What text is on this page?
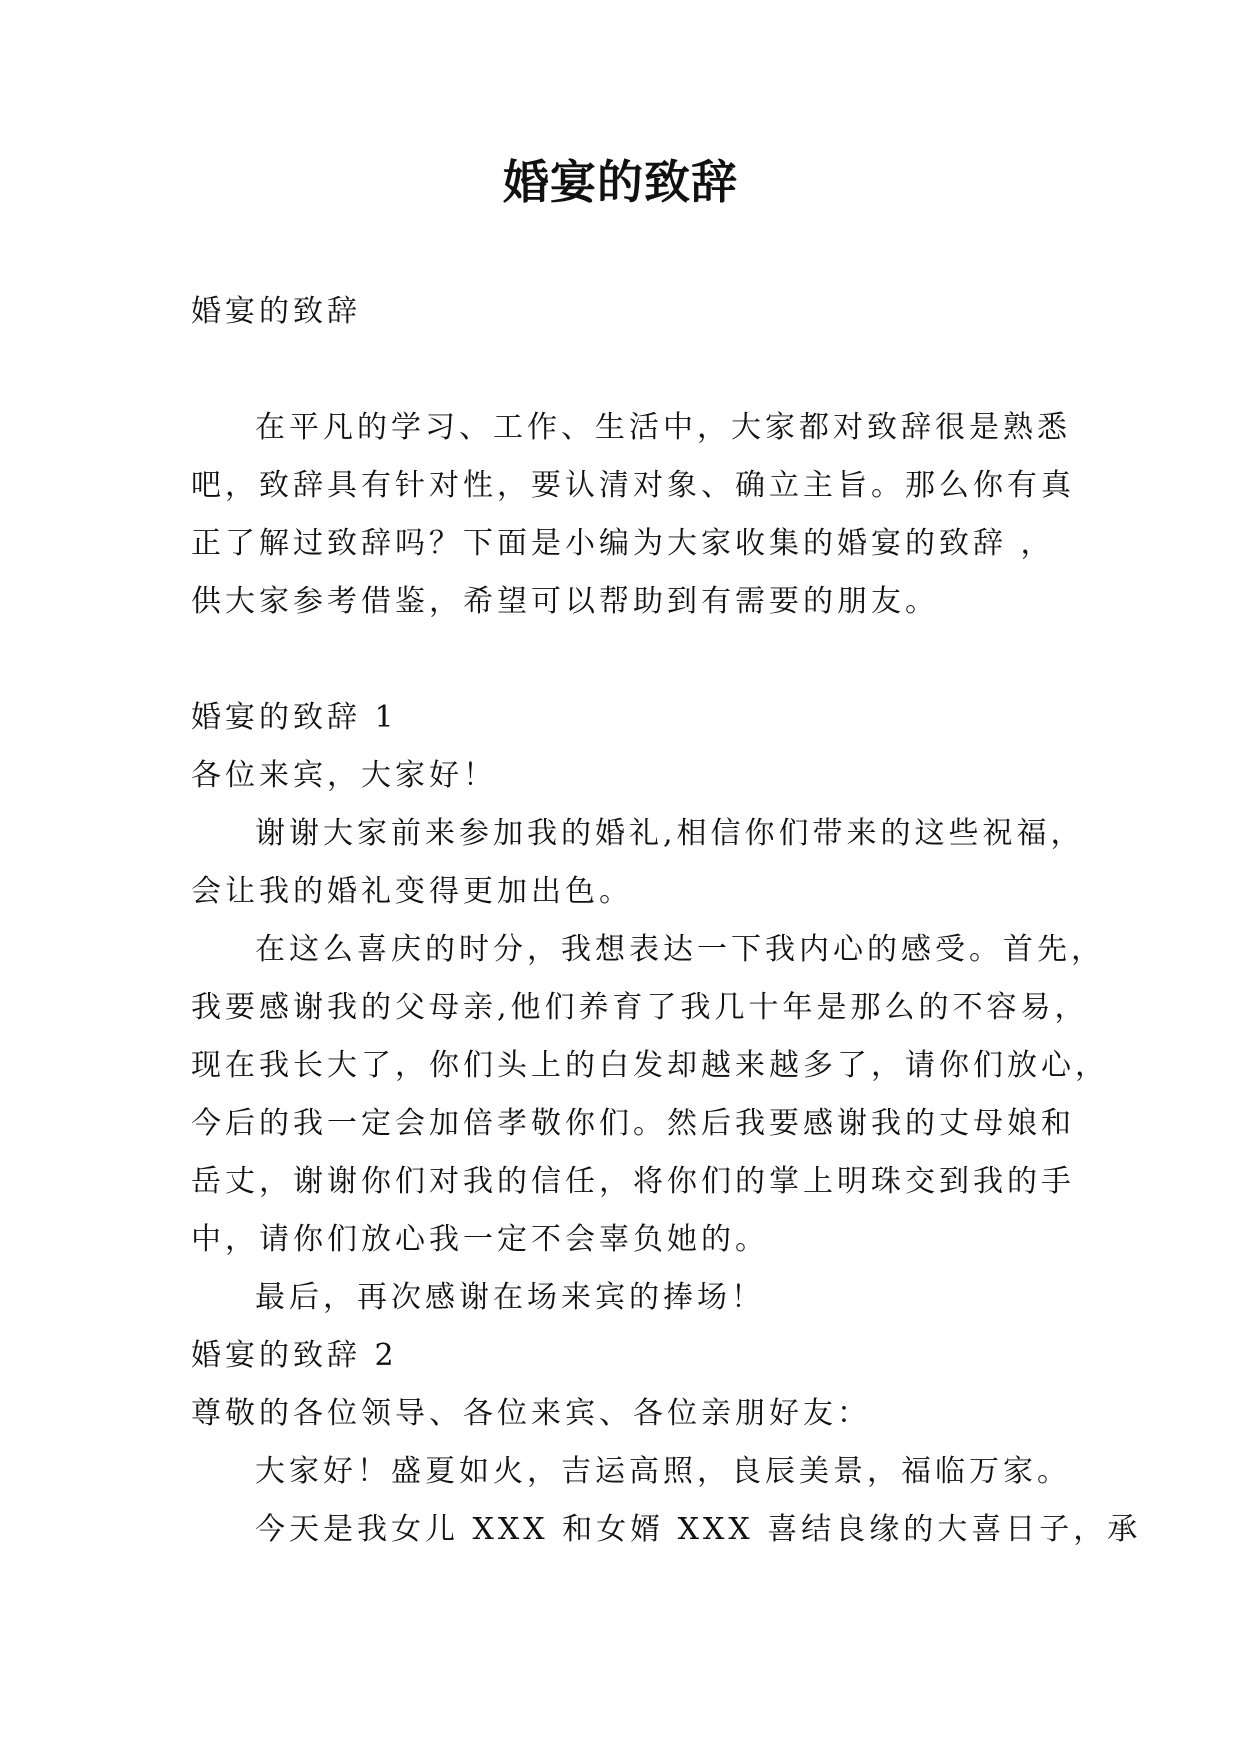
婚宴的致辞
婚宴的致辞
在平凡的学习、工作、生活中，大家都对致辞很是熟悉
吧，致辞具有针对性，要认清对象、确立主旨。那么你有真
正了解过致辞吗？下面是小编为大家收集的婚宴的致辞 ，
供大家参考借鉴，希望可以帮助到有需要的朋友。
婚宴的致辞 1
各位来宾，大家好！
谢谢大家前来参加我的婚礼,相信你们带来的这些祝福，
会让我的婚礼变得更加出色。
在这么喜庆的时分，我想表达一下我内心的感受。首先，
我要感谢我的父母亲,他们养育了我几十年是那么的不容易，
现在我长大了，你们头上的白发却越来越多了，请你们放心，
今后的我一定会加倍孝敬你们。然后我要感谢我的丈母娘和
岳丈，谢谢你们对我的信任，将你们的掌上明珠交到我的手
中，请你们放心我一定不会辜负她的。
最后，再次感谢在场来宾的捧场！
婚宴的致辞 2
尊敬的各位领导、各位来宾、各位亲朋好友：
大家好！盛夏如火，吉运高照，良辰美景，福临万家。
今天是我女儿 XXX 和女婿 XXX 喜结良缘的大喜日子，承
